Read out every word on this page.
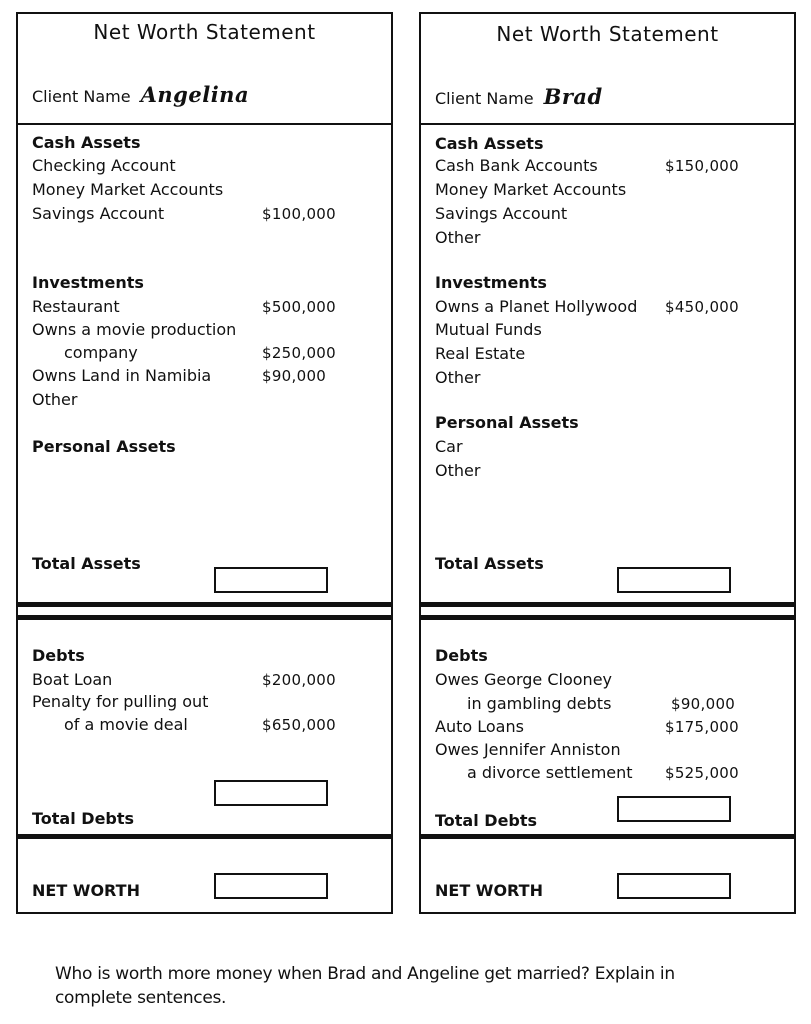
Net Worth Statement
Client Name Angelina
Cash Assets
Checking Account
Money Market Accounts
Savings Account	$100,000
Investments
Restaurant	$500,000
Owns a movie production
company	$250,000
Owns Land in Namibia	$90,000
Other
Personal Assets
Total Assets
Debts
Boat Loan	$200,000
Penalty for pulling out
of a movie deal	$650,000
Total Debts
NET WORTH
Net Worth Statement
Client Name Brad
Cash Assets
Cash Bank Accounts	$150,000
Money Market Accounts
Savings Account
Other
Investments
Owns a Planet Hollywood $450,000
Mutual Funds
Real Estate
Other
Personal Assets
Car
Other
Total Assets
Debts
Owes George Clooney
in gambling debts	$90,000
Auto Loans	$175,000
Owes Jennifer Anniston
a divorce settlement $525,000
Total Debts
NET WORTH
Who is worth more money when Brad and Angeline get married? Explain in complete sentences.
